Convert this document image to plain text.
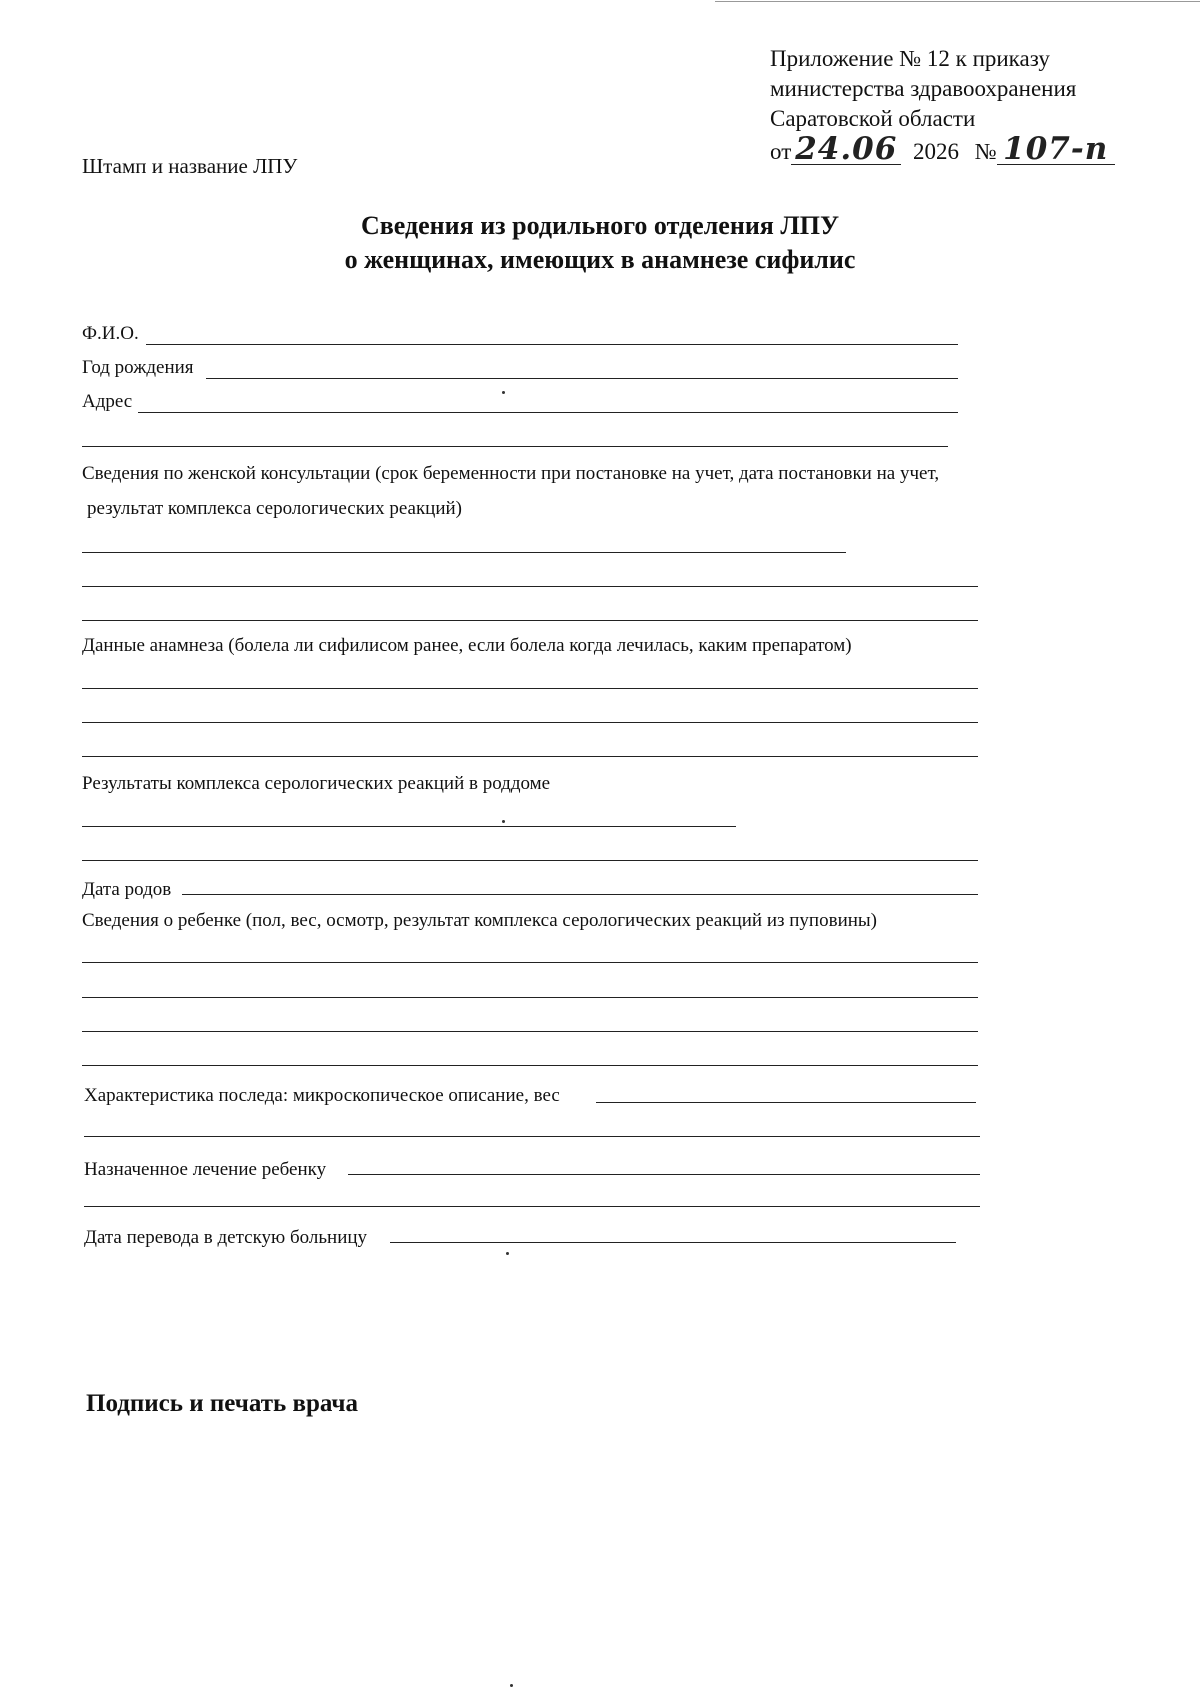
Приложение № 12 к приказу
министерства здравоохранения
Саратовской области
от 24.06 2026 № 107-п
Штамп и название ЛПУ
Сведения из родильного отделения ЛПУ
о женщинах, имеющих в анамнезе сифилис
Ф.И.О.
Год рождения
Адрес
Сведения по женской консультации (срок беременности при постановке на учет, дата постановки на учет,
результат комплекса серологических реакций)
Данные анамнеза (болела ли сифилисом ранее, если болела когда лечилась, каким препаратом)
Результаты комплекса серологических реакций в роддоме
Дата родов
Сведения о ребенке (пол, вес, осмотр, результат комплекса серологических реакций из пуповины)
Характеристика последа: микроскопическое описание, вес
Назначенное лечение ребенку
Дата перевода в детскую больницу
Подпись и печать врача
